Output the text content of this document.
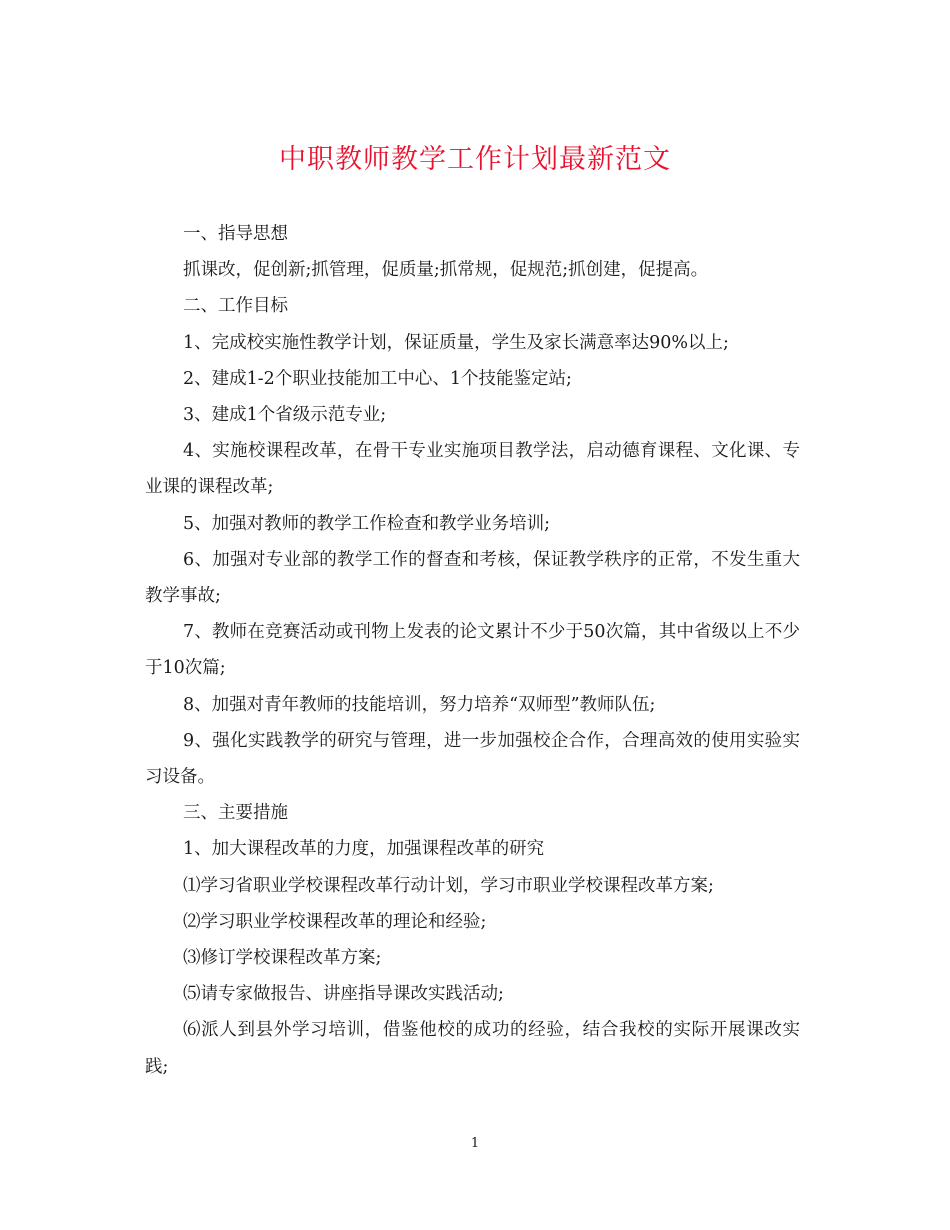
中职教师教学工作计划最新范文

一、指导思想

抓课改，促创新;抓管理，促质量;抓常规，促规范;抓创建，促提高。

二、工作目标

1、完成校实施性教学计划，保证质量，学生及家长满意率达90%以上;

2、建成1-2个职业技能加工中心、1个技能鉴定站;

3、建成1个省级示范专业;

4、实施校课程改革，在骨干专业实施项目教学法，启动德育课程、文化课、专业课的课程改革;

5、加强对教师的教学工作检查和教学业务培训;

6、加强对专业部的教学工作的督查和考核，保证教学秩序的正常，不发生重大教学事故;

7、教师在竞赛活动或刊物上发表的论文累计不少于50次篇，其中省级以上不少于10次篇;

8、加强对青年教师的技能培训，努力培养“双师型”教师队伍;

9、强化实践教学的研究与管理，进一步加强校企合作，合理高效的使用实验实习设备。

三、主要措施

1、加大课程改革的力度，加强课程改革的研究

⑴学习省职业学校课程改革行动计划，学习市职业学校课程改革方案;

⑵学习职业学校课程改革的理论和经验;

⑶修订学校课程改革方案;

⑸请专家做报告、讲座指导课改实践活动;

⑹派人到县外学习培训，借鉴他校的成功的经验，结合我校的实际开展课改实践;

1
